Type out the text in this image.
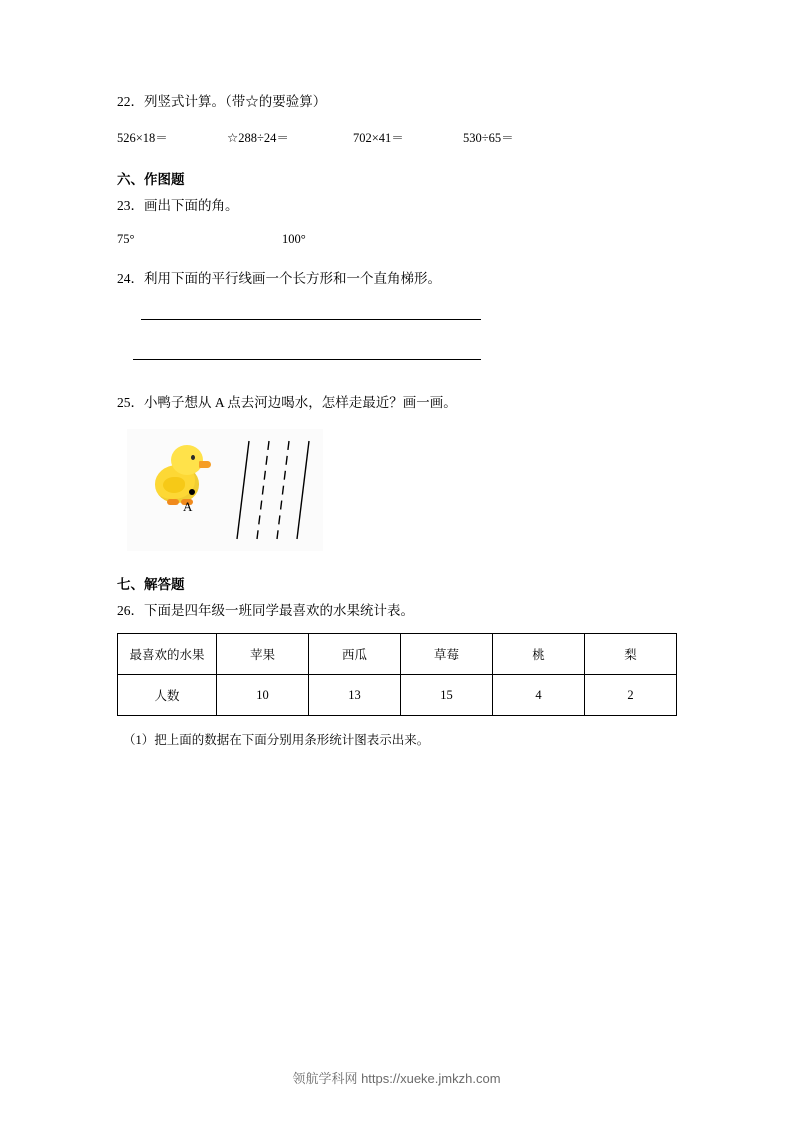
22．列竖式计算。（带☆的要验算）
526×18＝	☆288÷24＝	702×41＝	530÷65＝
六、作图题
23．画出下面的角。
75°	100°
24．利用下面的平行线画一个长方形和一个直角梯形。
25．小鸭子想从 A 点去河边喝水，怎样走最近？画一画。
A
七、解答题
26．下面是四年级一班同学最喜欢的水果统计表。
最喜欢的水果	苹果	西瓜	草莓	桃	梨
人数	10	13	15	4	2
（1）把上面的数据在下面分别用条形统计图表示出来。
领航学科网 https://xueke.jmkzh.com
